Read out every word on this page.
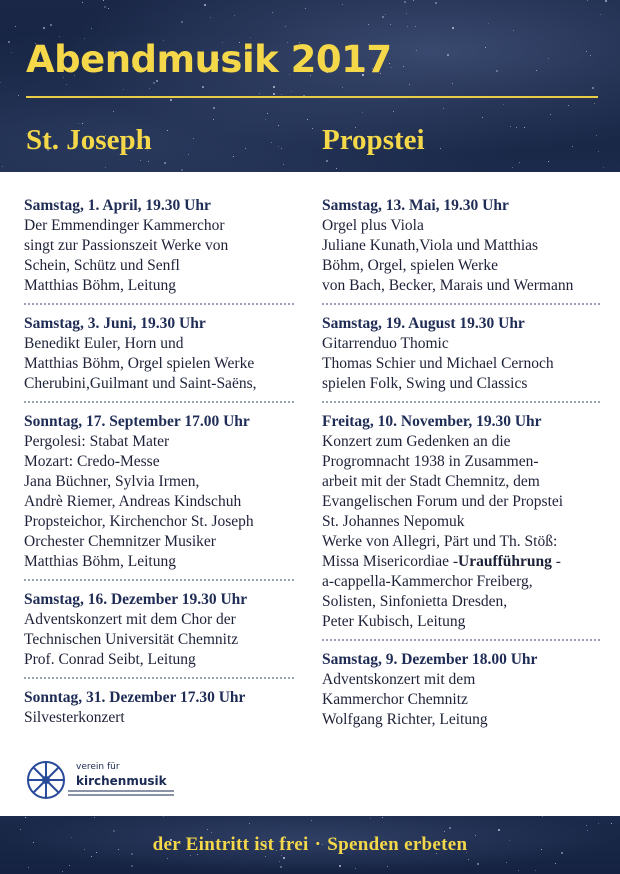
Abendmusik 2017
St. Joseph	Propstei
Samstag, 1. April, 19.30 Uhr
Der Emmendinger Kammerchor
singt zur Passionszeit Werke von
Schein, Schütz und Senfl
Matthias Böhm, Leitung
Samstag, 3. Juni, 19.30 Uhr
Benedikt Euler, Horn und
Matthias Böhm, Orgel spielen Werke
Cherubini,Guilmant und Saint-Saëns,
Sonntag, 17. September 17.00 Uhr
Pergolesi: Stabat Mater
Mozart: Credo-Messe
Jana Büchner, Sylvia Irmen,
Andrè Riemer, Andreas Kindschuh
Propsteichor, Kirchenchor St. Joseph
Orchester Chemnitzer Musiker
Matthias Böhm, Leitung
Samstag, 16. Dezember 19.30 Uhr
Adventskonzert mit dem Chor der
Technischen Universität Chemnitz
Prof. Conrad Seibt, Leitung
Sonntag, 31. Dezember 17.30 Uhr
Silvesterkonzert
Samstag, 13. Mai, 19.30 Uhr
Orgel plus Viola
Juliane Kunath,Viola und Matthias
Böhm, Orgel, spielen Werke
von Bach, Becker, Marais und Wermann
Samstag, 19. August 19.30 Uhr
Gitarrenduo Thomic
Thomas Schier und Michael Cernoch
spielen Folk, Swing und Classics
Freitag, 10. November, 19.30 Uhr
Konzert zum Gedenken an die
Progromnacht 1938 in Zusammen-
arbeit mit der Stadt Chemnitz, dem
Evangelischen Forum und der Propstei
St. Johannes Nepomuk
Werke von Allegri, Pärt und Th. Stöß:
Missa Misericordiae -Uraufführung -
a-cappella-Kammerchor Freiberg,
Solisten, Sinfonietta Dresden,
Peter Kubisch, Leitung
Samstag, 9. Dezember 18.00 Uhr
Adventskonzert mit dem
Kammerchor Chemnitz
Wolfgang Richter, Leitung
verein für
kirchenmusik
der Eintritt ist frei · Spenden erbeten
